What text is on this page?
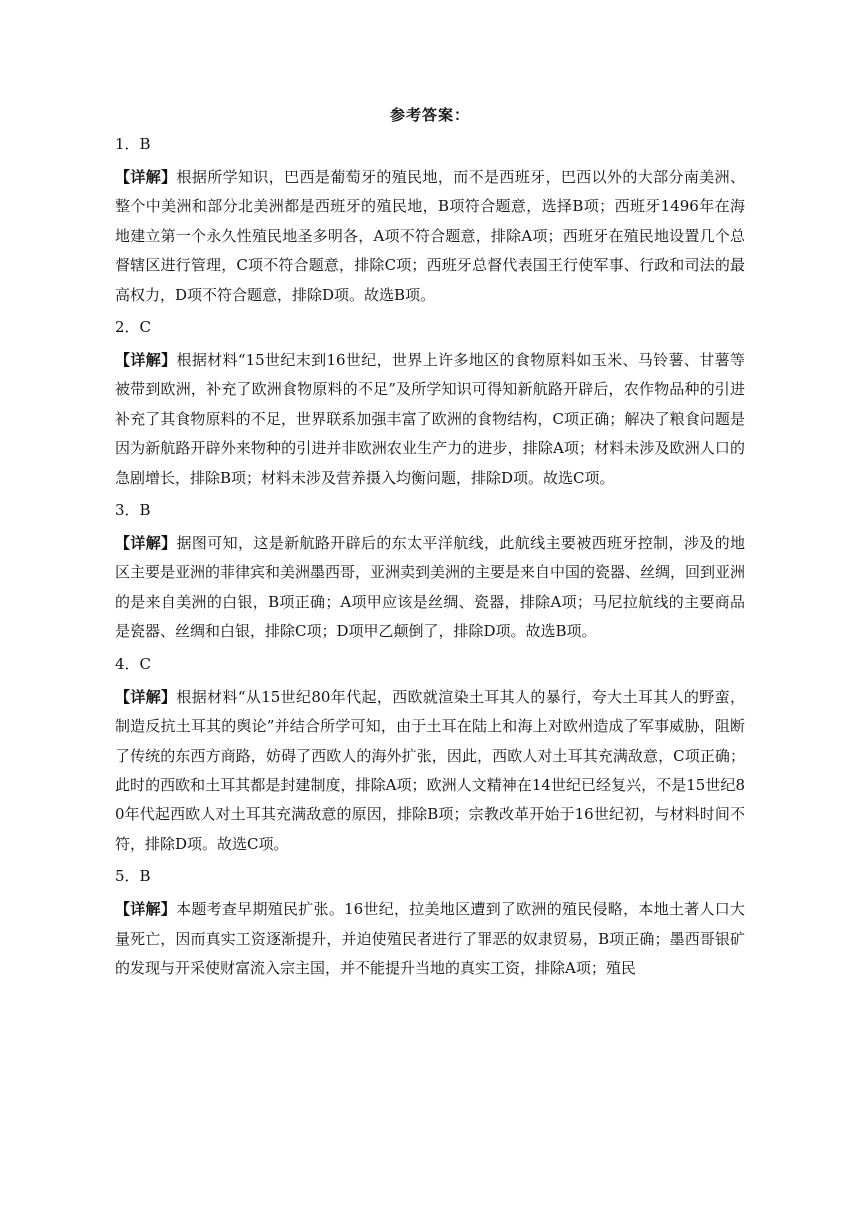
参考答案：
1．B
【详解】根据所学知识，巴西是葡萄牙的殖民地，而不是西班牙，巴西以外的大部分南美洲、整个中美洲和部分北美洲都是西班牙的殖民地，B项符合题意，选择B项；西班牙1496年在海地建立第一个永久性殖民地圣多明各，A项不符合题意，排除A项；西班牙在殖民地设置几个总督辖区进行管理，C项不符合题意，排除C项；西班牙总督代表国王行使军事、行政和司法的最高权力，D项不符合题意，排除D项。故选B项。
2．C
【详解】根据材料“15世纪末到16世纪，世界上许多地区的食物原料如玉米、马铃薯、甘薯等被带到欧洲，补充了欧洲食物原料的不足”及所学知识可得知新航路开辟后，农作物品种的引进补充了其食物原料的不足，世界联系加强丰富了欧洲的食物结构，C项正确；解决了粮食问题是因为新航路开辟外来物种的引进并非欧洲农业生产力的进步，排除A项；材料未涉及欧洲人口的急剧增长，排除B项；材料未涉及营养摄入均衡问题，排除D项。故选C项。
3．B
【详解】据图可知，这是新航路开辟后的东太平洋航线，此航线主要被西班牙控制，涉及的地区主要是亚洲的菲律宾和美洲墨西哥，亚洲卖到美洲的主要是来自中国的瓷器、丝绸，回到亚洲的是来自美洲的白银，B项正确；A项甲应该是丝绸、瓷器，排除A项；马尼拉航线的主要商品是瓷器、丝绸和白银，排除C项；D项甲乙颠倒了，排除D项。故选B项。
4．C
【详解】根据材料“从15世纪80年代起，西欧就渲染土耳其人的暴行，夸大土耳其人的野蛮，制造反抗土耳其的舆论”并结合所学可知，由于土耳在陆上和海上对欧州造成了军事威胁，阻断了传统的东西方商路，妨碍了西欧人的海外扩张，因此，西欧人对土耳其充满敌意，C项正确；此时的西欧和土耳其都是封建制度，排除A项；欧洲人文精神在14世纪已经复兴，不是15世纪80年代起西欧人对土耳其充满敌意的原因，排除B项；宗教改革开始于16世纪初，与材料时间不符，排除D项。故选C项。
5．B
【详解】本题考查早期殖民扩张。16世纪，拉美地区遭到了欧洲的殖民侵略，本地土著人口大量死亡，因而真实工资逐渐提升，并迫使殖民者进行了罪恶的奴隶贸易，B项正确；墨西哥银矿的发现与开采使财富流入宗主国，并不能提升当地的真实工资，排除A项；殖民
